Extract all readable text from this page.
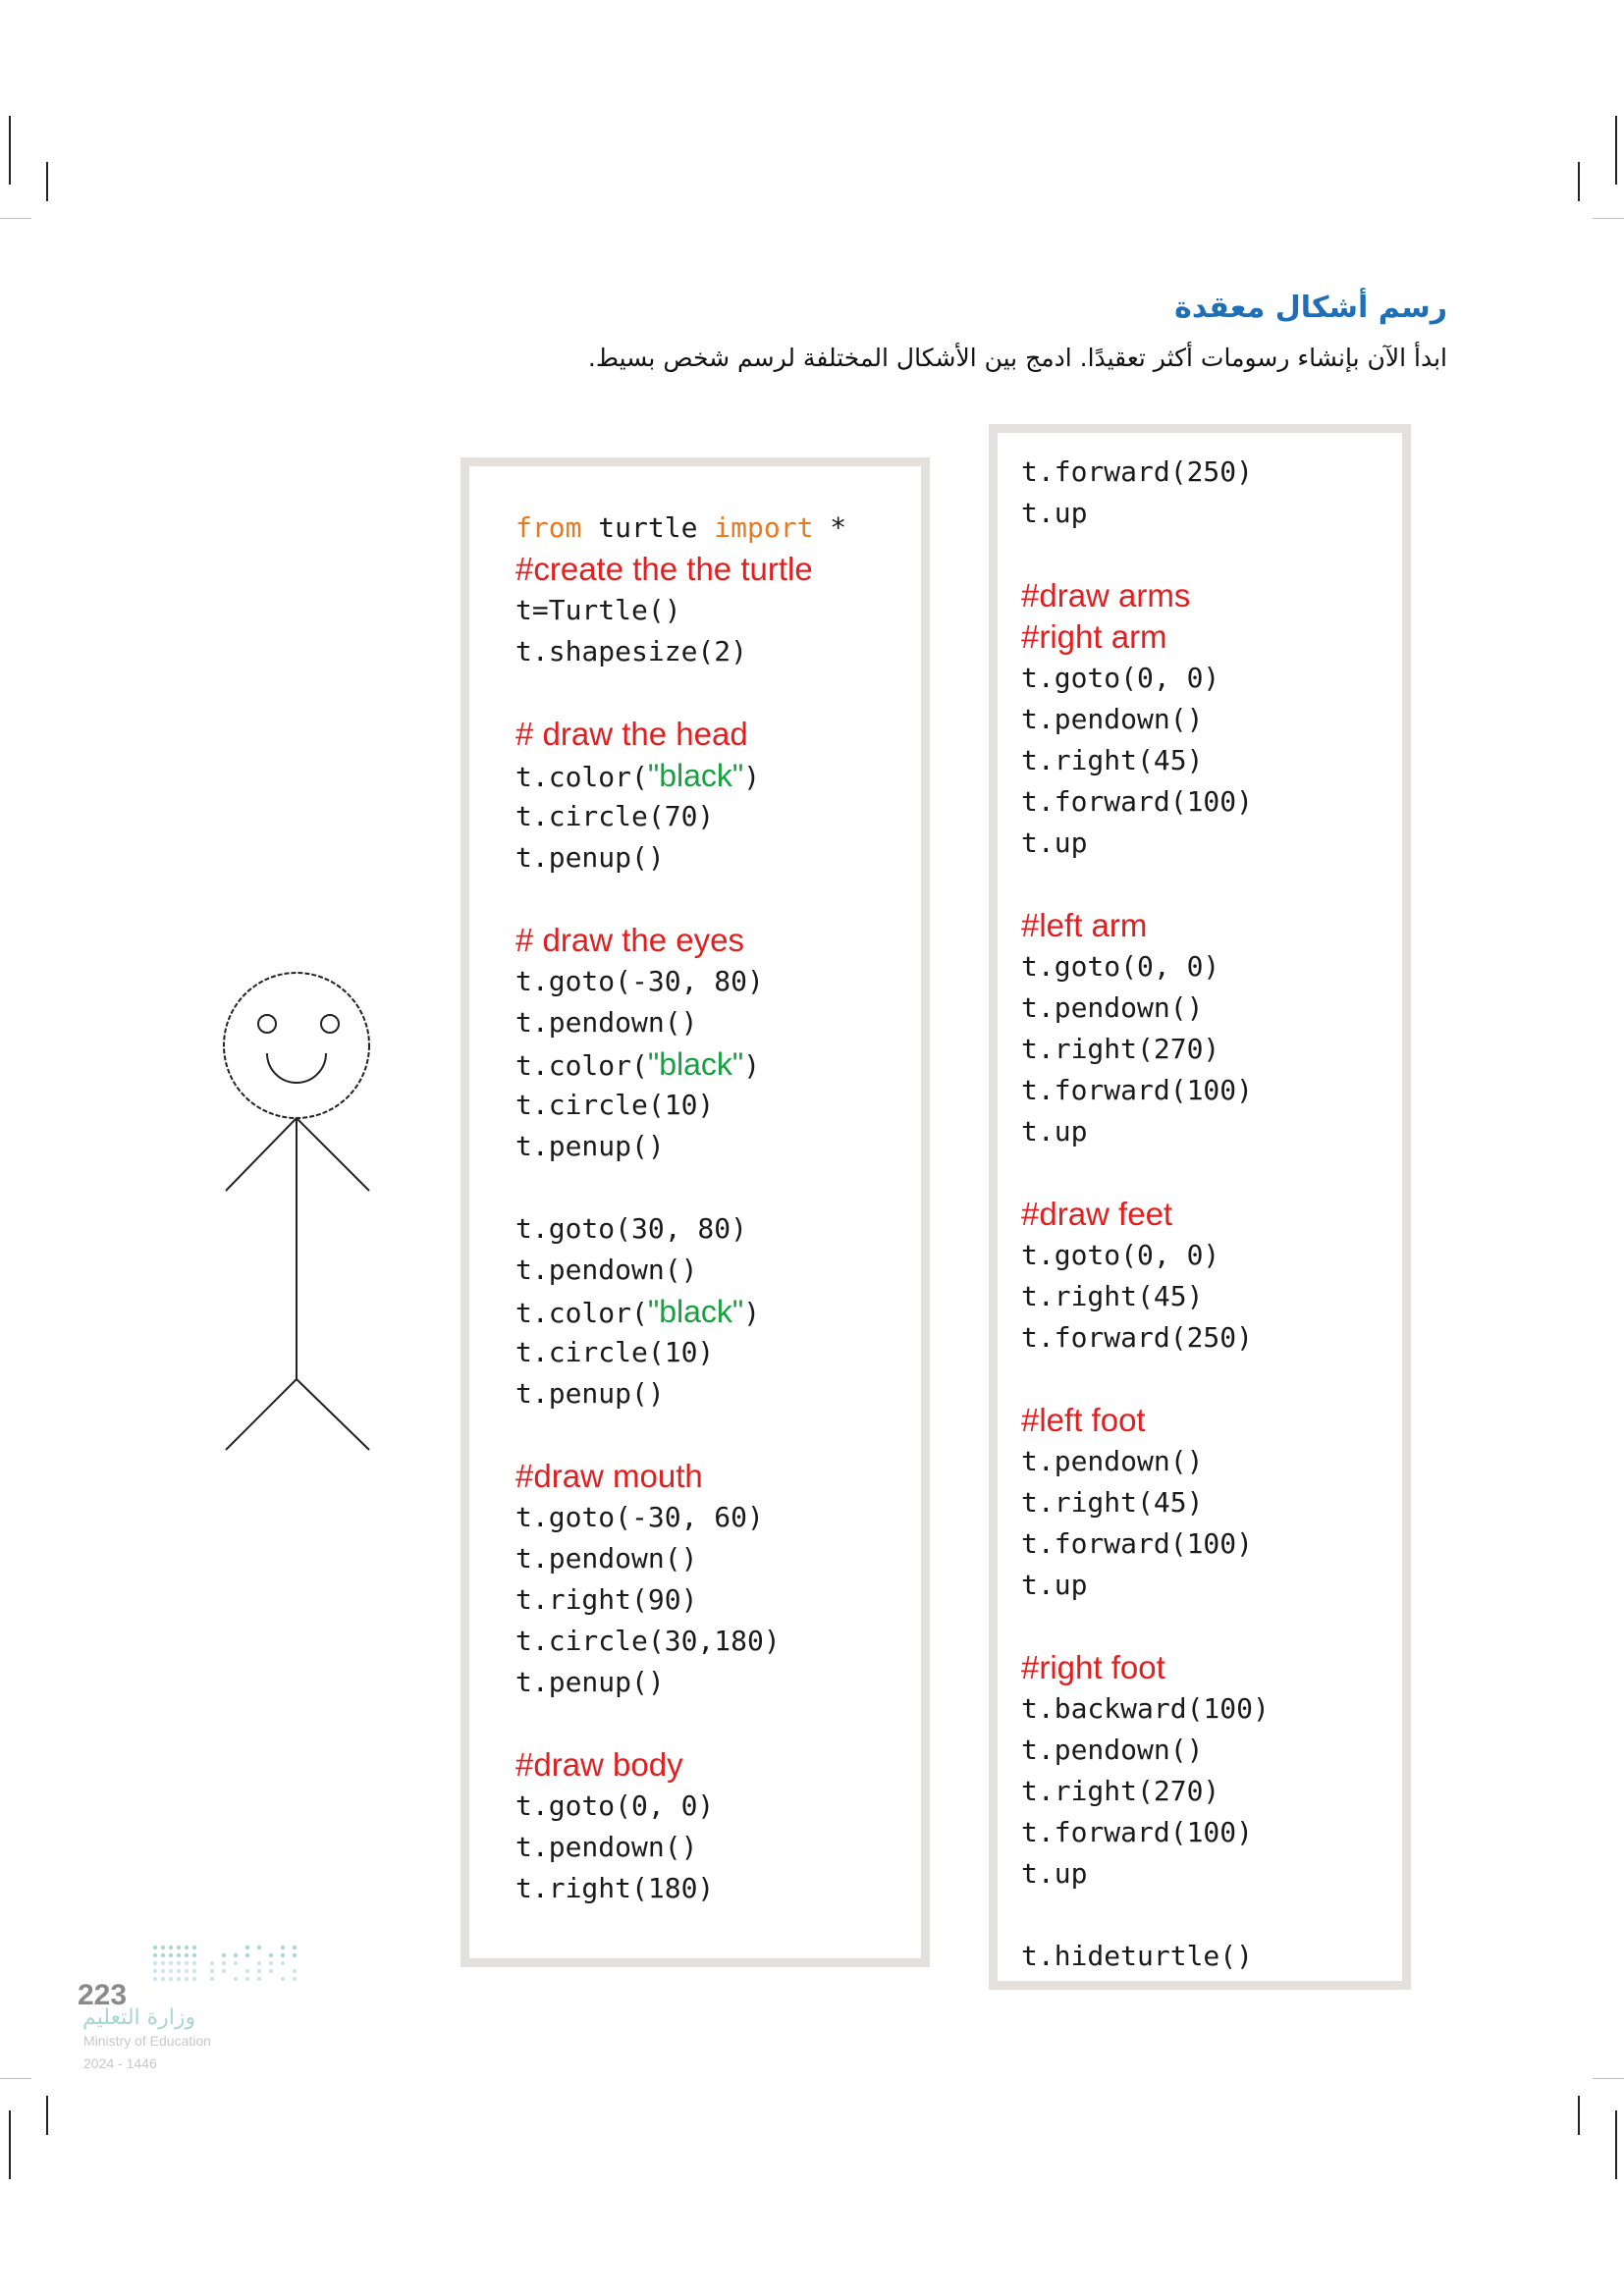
رسم أشكال معقدة

ابدأ الآن بإنشاء رسومات أكثر تعقيدًا. ادمج بين الأشكال المختلفة لرسم شخص بسيط.

from turtle import *
#create the the turtle
t=Turtle()
t.shapesize(2)
# draw the head
t.color("black")
t.circle(70)
t.penup()
# draw the eyes
t.goto(-30, 80)
t.pendown()
t.color("black")
t.circle(10)
t.penup()
t.goto(30, 80)
t.pendown()
t.color("black")
t.circle(10)
t.penup()
#draw mouth
t.goto(-30, 60)
t.pendown()
t.right(90)
t.circle(30,180)
t.penup()
#draw body
t.goto(0, 0)
t.pendown()
t.right(180)
t.forward(250)
t.up
#draw arms
#right arm
t.goto(0, 0)
t.pendown()
t.right(45)
t.forward(100)
t.up
#left arm
t.goto(0, 0)
t.pendown()
t.right(270)
t.forward(100)
t.up
#draw feet
t.goto(0, 0)
t.right(45)
t.forward(250)
#left foot
t.pendown()
t.right(45)
t.forward(100)
t.up
#right foot
t.backward(100)
t.pendown()
t.right(270)
t.forward(100)
t.up
t.hideturtle()
223
وزارة التعليم
Ministry of Education
2024 - 1446
